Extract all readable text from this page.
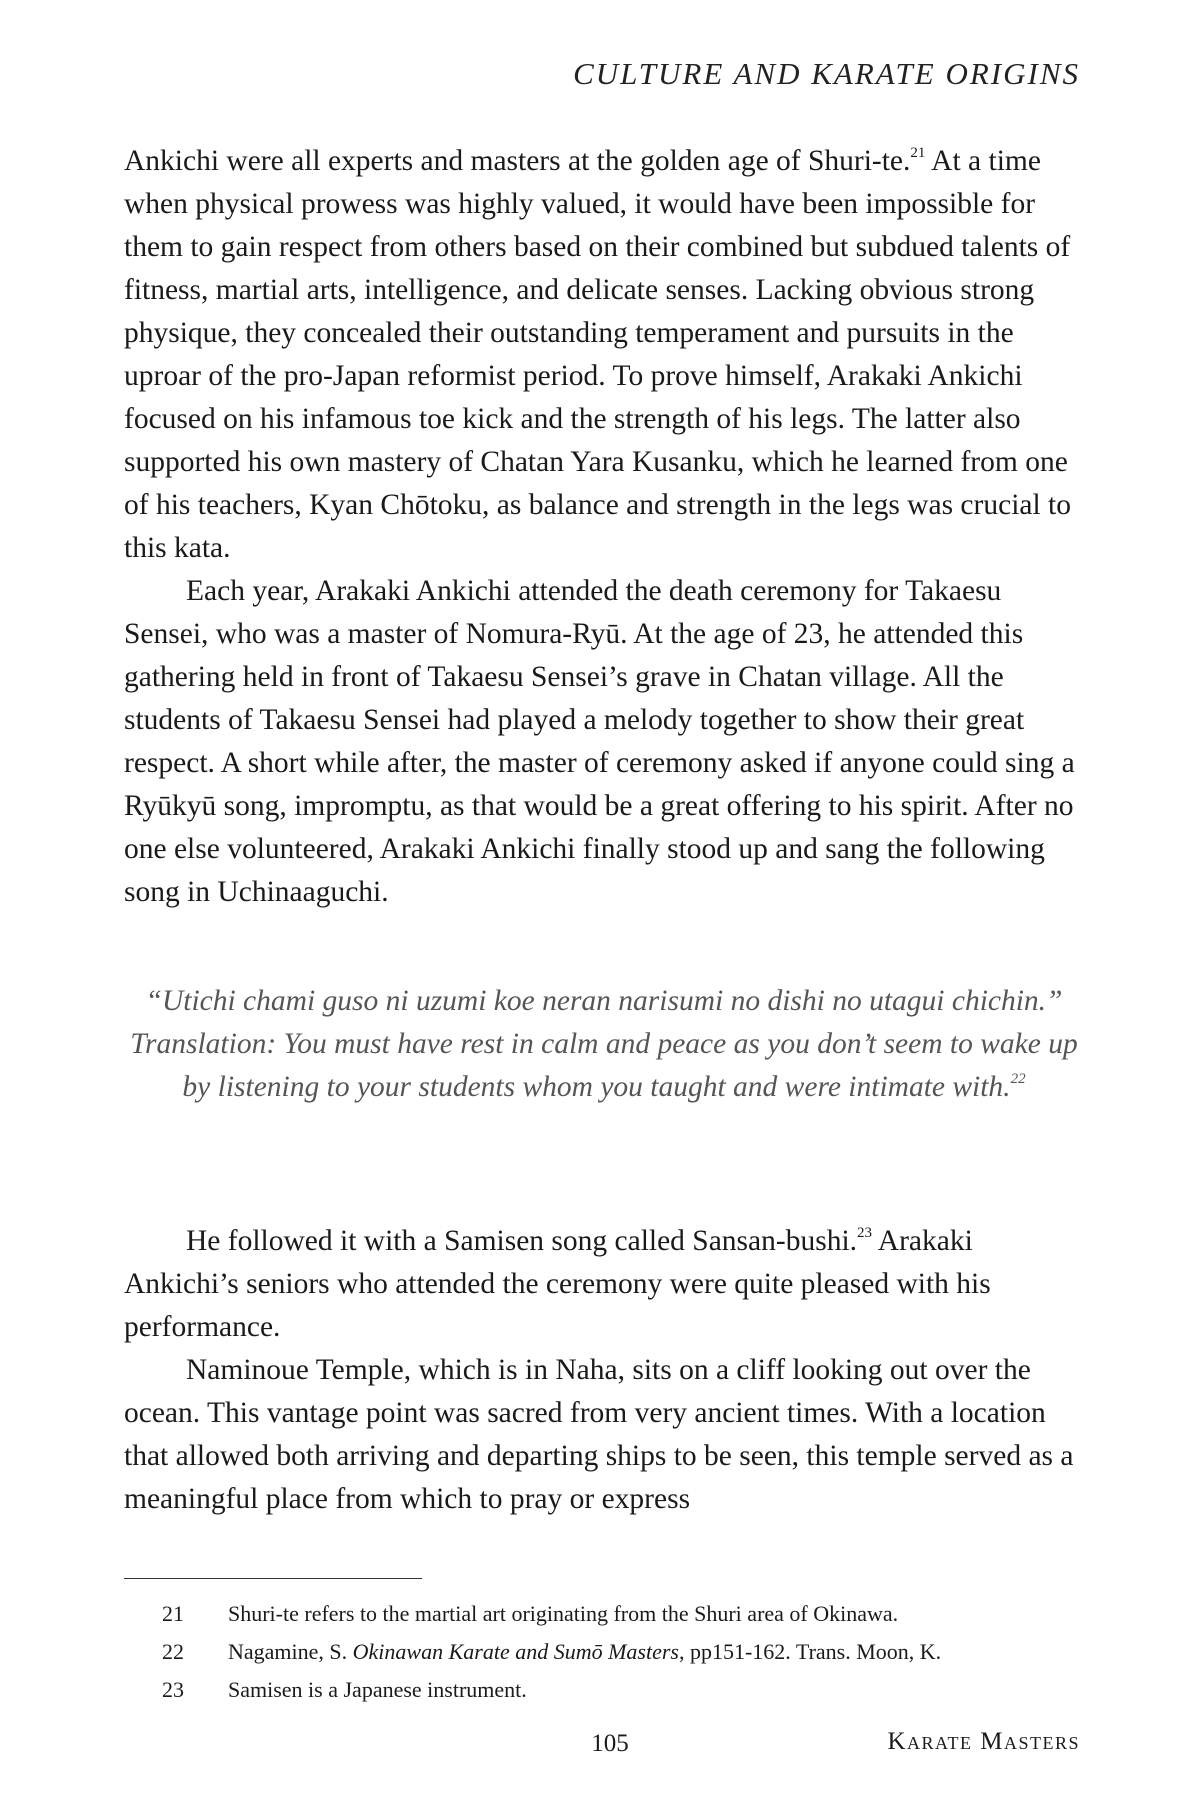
CULTURE AND KARATE ORIGINS

Ankichi were all experts and masters at the golden age of Shuri-te.$^{21}$ At a time when physical prowess was highly valued, it would have been impossible for them to gain respect from others based on their combined but subdued talents of fitness, martial arts, intelligence, and delicate senses. Lacking obvious strong physique, they concealed their outstanding temperament and pursuits in the uproar of the pro-Japan reformist period. To prove himself, Arakaki Ankichi focused on his infamous toe kick and the strength of his legs. The latter also supported his own mastery of Chatan Yara Kusanku, which he learned from one of his teachers, Kyan Chōtoku, as balance and strength in the legs was crucial to this kata.

Each year, Arakaki Ankichi attended the death ceremony for Takaesu Sensei, who was a master of Nomura-Ryū. At the age of 23, he attended this gathering held in front of Takaesu Sensei’s grave in Chatan village. All the students of Takaesu Sensei had played a melody together to show their great respect. A short while after, the master of ceremony asked if anyone could sing a Ryūkyū song, impromptu, as that would be a great offering to his spirit. After no one else volunteered, Arakaki Ankichi finally stood up and sang the following song in Uchinaaguchi.

“Utichi chami guso ni uzumi koe neran narisumi no dishi no utagui chichin.”

Translation: You must have rest in calm and peace as you don’t seem to wake up by listening to your students whom you taught and were intimate with.$^{22}$

He followed it with a Samisen song called Sansan-bushi.$^{23}$ Arakaki Ankichi’s seniors who attended the ceremony were quite pleased with his performance.

Naminoue Temple, which is in Naha, sits on a cliff looking out over the ocean. This vantage point was sacred from very ancient times. With a location that allowed both arriving and departing ships to be seen, this temple served as a meaningful place from which to pray or express

21	Shuri-te refers to the martial art originating from the Shuri area of Okinawa.
22	Nagamine, S. Okinawan Karate and Sumō Masters, pp151-162. Trans. Moon, K.
23	Samisen is a Japanese instrument.
105	Karate Masters
